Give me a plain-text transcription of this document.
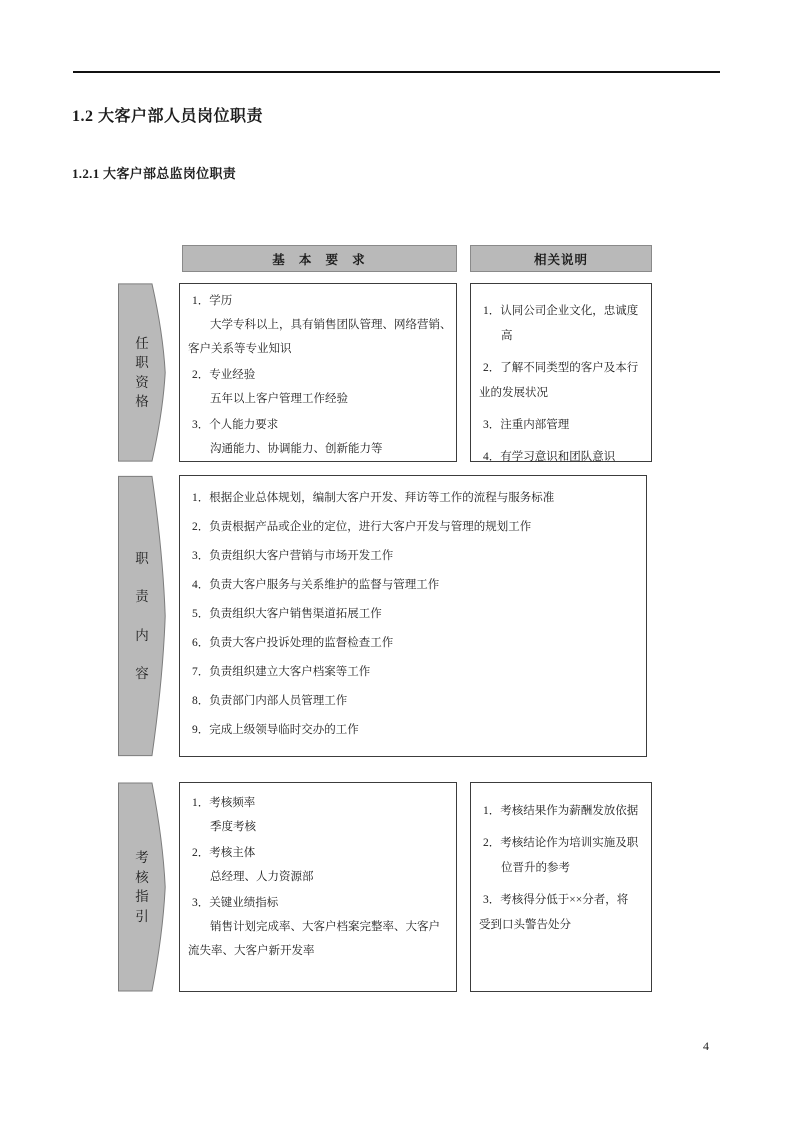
1.2 大客户部人员岗位职责
1.2.1 大客户部总监岗位职责
基 本 要 求	相关说明
任
职
资
格
1．学历
大学专科以上，具有销售团队管理、网络营销、
客户关系等专业知识
2．专业经验
五年以上客户管理工作经验
3．个人能力要求
沟通能力、协调能力、创新能力等
1．认同公司企业文化，忠诚度
高
2．了解不同类型的客户及本行
业的发展状况
3．注重内部管理
4．有学习意识和团队意识
职
责
内
容
1．根据企业总体规划，编制大客户开发、拜访等工作的流程与服务标准
2．负责根据产品或企业的定位，进行大客户开发与管理的规划工作
3．负责组织大客户营销与市场开发工作
4．负责大客户服务与关系维护的监督与管理工作
5．负责组织大客户销售渠道拓展工作
6．负责大客户投诉处理的监督检查工作
7．负责组织建立大客户档案等工作
8．负责部门内部人员管理工作
9．完成上级领导临时交办的工作
考
核
指
引
1．考核频率
季度考核
2．考核主体
总经理、人力资源部
3．关键业绩指标
销售计划完成率、大客户档案完整率、大客户
流失率、大客户新开发率
1．考核结果作为薪酬发放依据
2．考核结论作为培训实施及职
位晋升的参考
3．考核得分低于××分者，将
受到口头警告处分
4
